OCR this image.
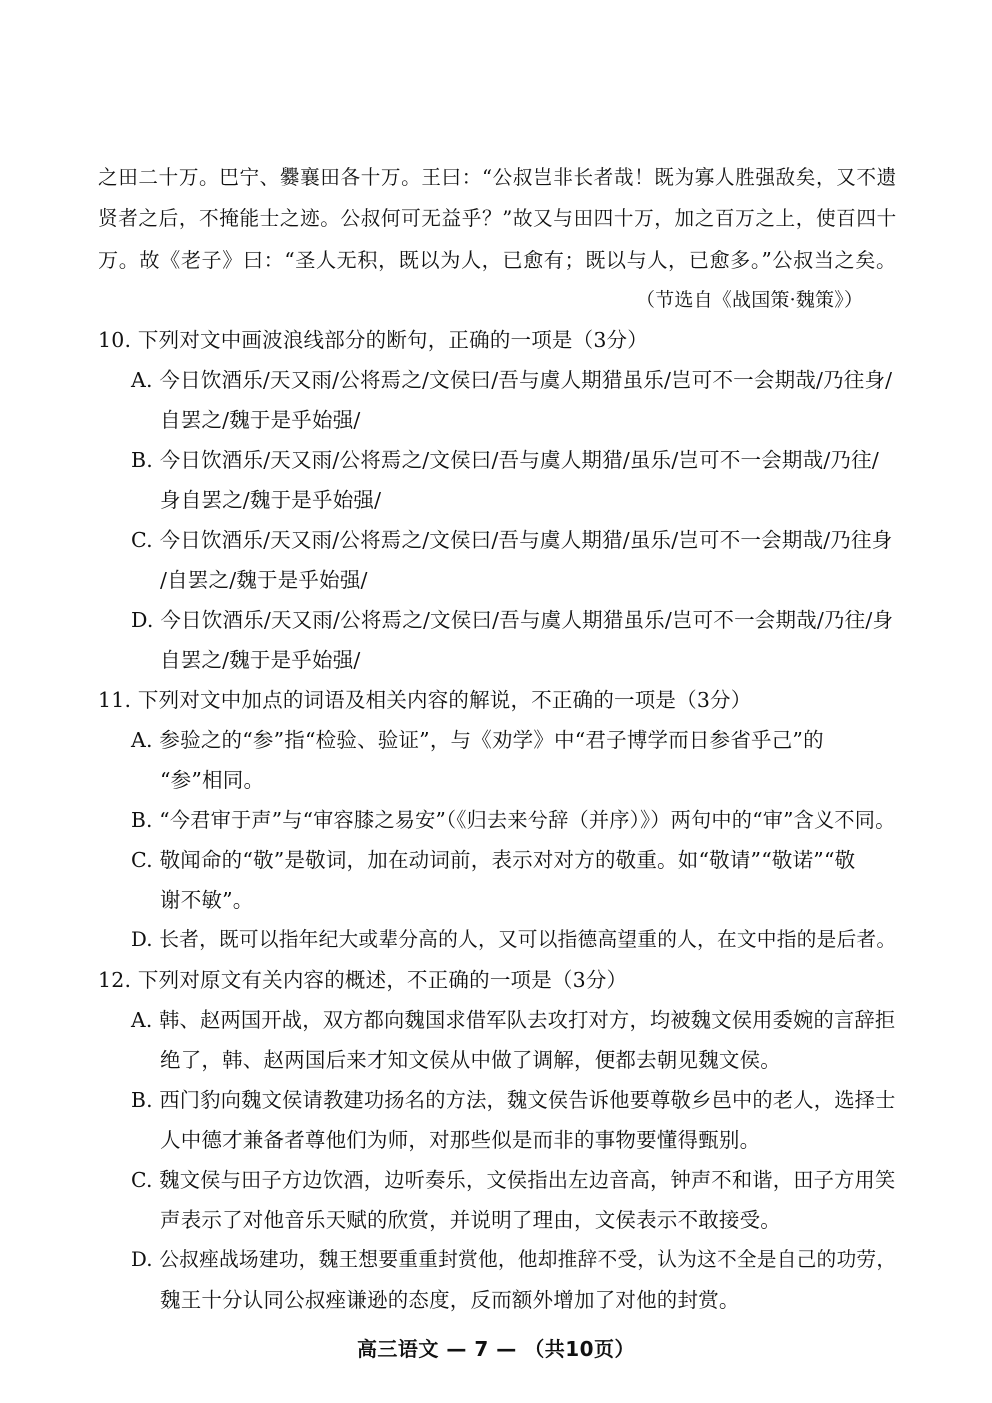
之田二十万。巴宁、爨襄田各十万。王曰：“公叔岂非长者哉！既为寡人胜强敌矣，又不遗
贤者之后，不掩能士之迹。公叔何可无益乎？”故又与田四十万，加之百万之上，使百四十
万。故《老子》曰：“圣人无积，既以为人，已愈有；既以与人，已愈多。”公叔当之矣。
（节选自《战国策·魏策》）
10. 下列对文中画波浪线部分的断句，正确的一项是（3分）
A. 今日饮酒乐/天又雨/公将焉之/文侯曰/吾与虞人期猎虽乐/岂可不一会期哉/乃往身/
自罢之/魏于是乎始强/
B. 今日饮酒乐/天又雨/公将焉之/文侯曰/吾与虞人期猎/虽乐/岂可不一会期哉/乃往/
身自罢之/魏于是乎始强/
C. 今日饮酒乐/天又雨/公将焉之/文侯曰/吾与虞人期猎/虽乐/岂可不一会期哉/乃往身
/自罢之/魏于是乎始强/
D. 今日饮酒乐/天又雨/公将焉之/文侯曰/吾与虞人期猎虽乐/岂可不一会期哉/乃往/身
自罢之/魏于是乎始强/
11. 下列对文中加点的词语及相关内容的解说，不正确的一项是（3分）
A. 参验之的“参”指“检验、验证”，与《劝学》中“君子博学而日参省乎己”的
“参”相同。
B. “今君审于声”与“审容膝之易安”（《归去来兮辞（并序）》）两句中的“审”含义不同。
C. 敬闻命的“敬”是敬词，加在动词前，表示对对方的敬重。如“敬请”“敬诺”“敬
谢不敏”。
D. 长者，既可以指年纪大或辈分高的人，又可以指德高望重的人，在文中指的是后者。
12. 下列对原文有关内容的概述，不正确的一项是（3分）
A. 韩、赵两国开战，双方都向魏国求借军队去攻打对方，均被魏文侯用委婉的言辞拒
绝了，韩、赵两国后来才知文侯从中做了调解，便都去朝见魏文侯。
B. 西门豹向魏文侯请教建功扬名的方法，魏文侯告诉他要尊敬乡邑中的老人，选择士
人中德才兼备者尊他们为师，对那些似是而非的事物要懂得甄别。
C. 魏文侯与田子方边饮酒，边听奏乐，文侯指出左边音高，钟声不和谐，田子方用笑
声表示了对他音乐天赋的欣赏，并说明了理由，文侯表示不敢接受。
D. 公叔痤战场建功，魏王想要重重封赏他，他却推辞不受，认为这不全是自己的功劳，
魏王十分认同公叔痤谦逊的态度，反而额外增加了对他的封赏。
高三语文 — 7 — （共10页）
